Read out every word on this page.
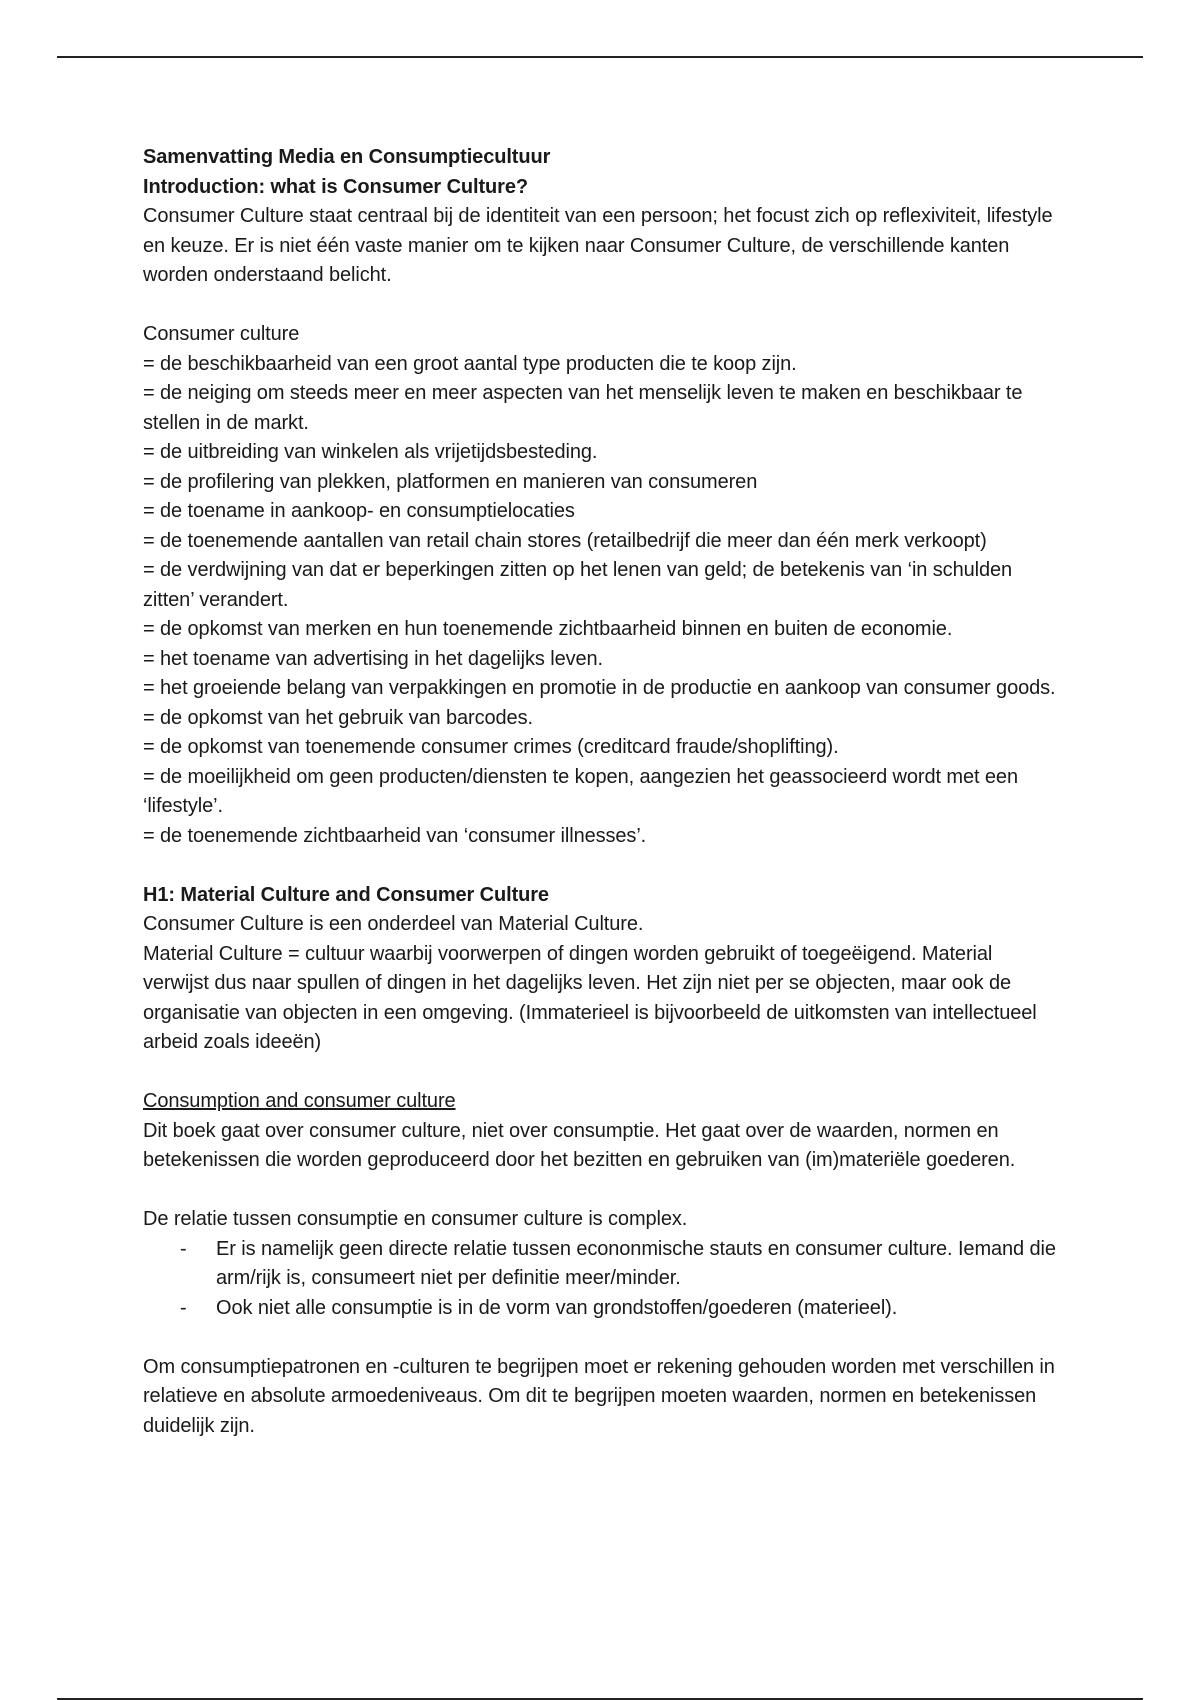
Samenvatting Media en Consumptiecultuur

Introduction: what is Consumer Culture?

Consumer Culture staat centraal bij de identiteit van een persoon; het focust zich op reflexiviteit, lifestyle en keuze. Er is niet één vaste manier om te kijken naar Consumer Culture, de verschillende kanten worden onderstaand belicht.

Consumer culture

= de beschikbaarheid van een groot aantal type producten die te koop zijn.

= de neiging om steeds meer en meer aspecten van het menselijk leven te maken en beschikbaar te stellen in de markt.

= de uitbreiding van winkelen als vrijetijdsbesteding.

= de profilering van plekken, platformen en manieren van consumeren

= de toename in aankoop- en consumptielocaties

= de toenemende aantallen van retail chain stores (retailbedrijf die meer dan één merk verkoopt)

= de verdwijning van dat er beperkingen zitten op het lenen van geld; de betekenis van ‘in schulden zitten’ verandert.

= de opkomst van merken en hun toenemende zichtbaarheid binnen en buiten de economie.

= het toename van advertising in het dagelijks leven.

= het groeiende belang van verpakkingen en promotie in de productie en aankoop van consumer goods.

= de opkomst van het gebruik van barcodes.

= de opkomst van toenemende consumer crimes (creditcard fraude/shoplifting).

= de moeilijkheid om geen producten/diensten te kopen, aangezien het geassocieerd wordt met een ‘lifestyle’.

= de toenemende zichtbaarheid van ‘consumer illnesses’.

H1: Material Culture and Consumer Culture

Consumer Culture is een onderdeel van Material Culture.

Material Culture = cultuur waarbij voorwerpen of dingen worden gebruikt of toegeëigend. Material verwijst dus naar spullen of dingen in het dagelijks leven. Het zijn niet per se objecten, maar ook de organisatie van objecten in een omgeving. (Immaterieel is bijvoorbeeld de uitkomsten van intellectueel arbeid zoals ideeën)

Consumption and consumer culture

Dit boek gaat over consumer culture, niet over consumptie. Het gaat over de waarden, normen en betekenissen die worden geproduceerd door het bezitten en gebruiken van (im)materiële goederen.

De relatie tussen consumptie en consumer culture is complex.

- Er is namelijk geen directe relatie tussen econonmische stauts en consumer culture. Iemand die arm/rijk is, consumeert niet per definitie meer/minder.
- Ook niet alle consumptie is in de vorm van grondstoffen/goederen (materieel).

Om consumptiepatronen en -culturen te begrijpen moet er rekening gehouden worden met verschillen in relatieve en absolute armoedeniveaus. Om dit te begrijpen moeten waarden, normen en betekenissen duidelijk zijn.
